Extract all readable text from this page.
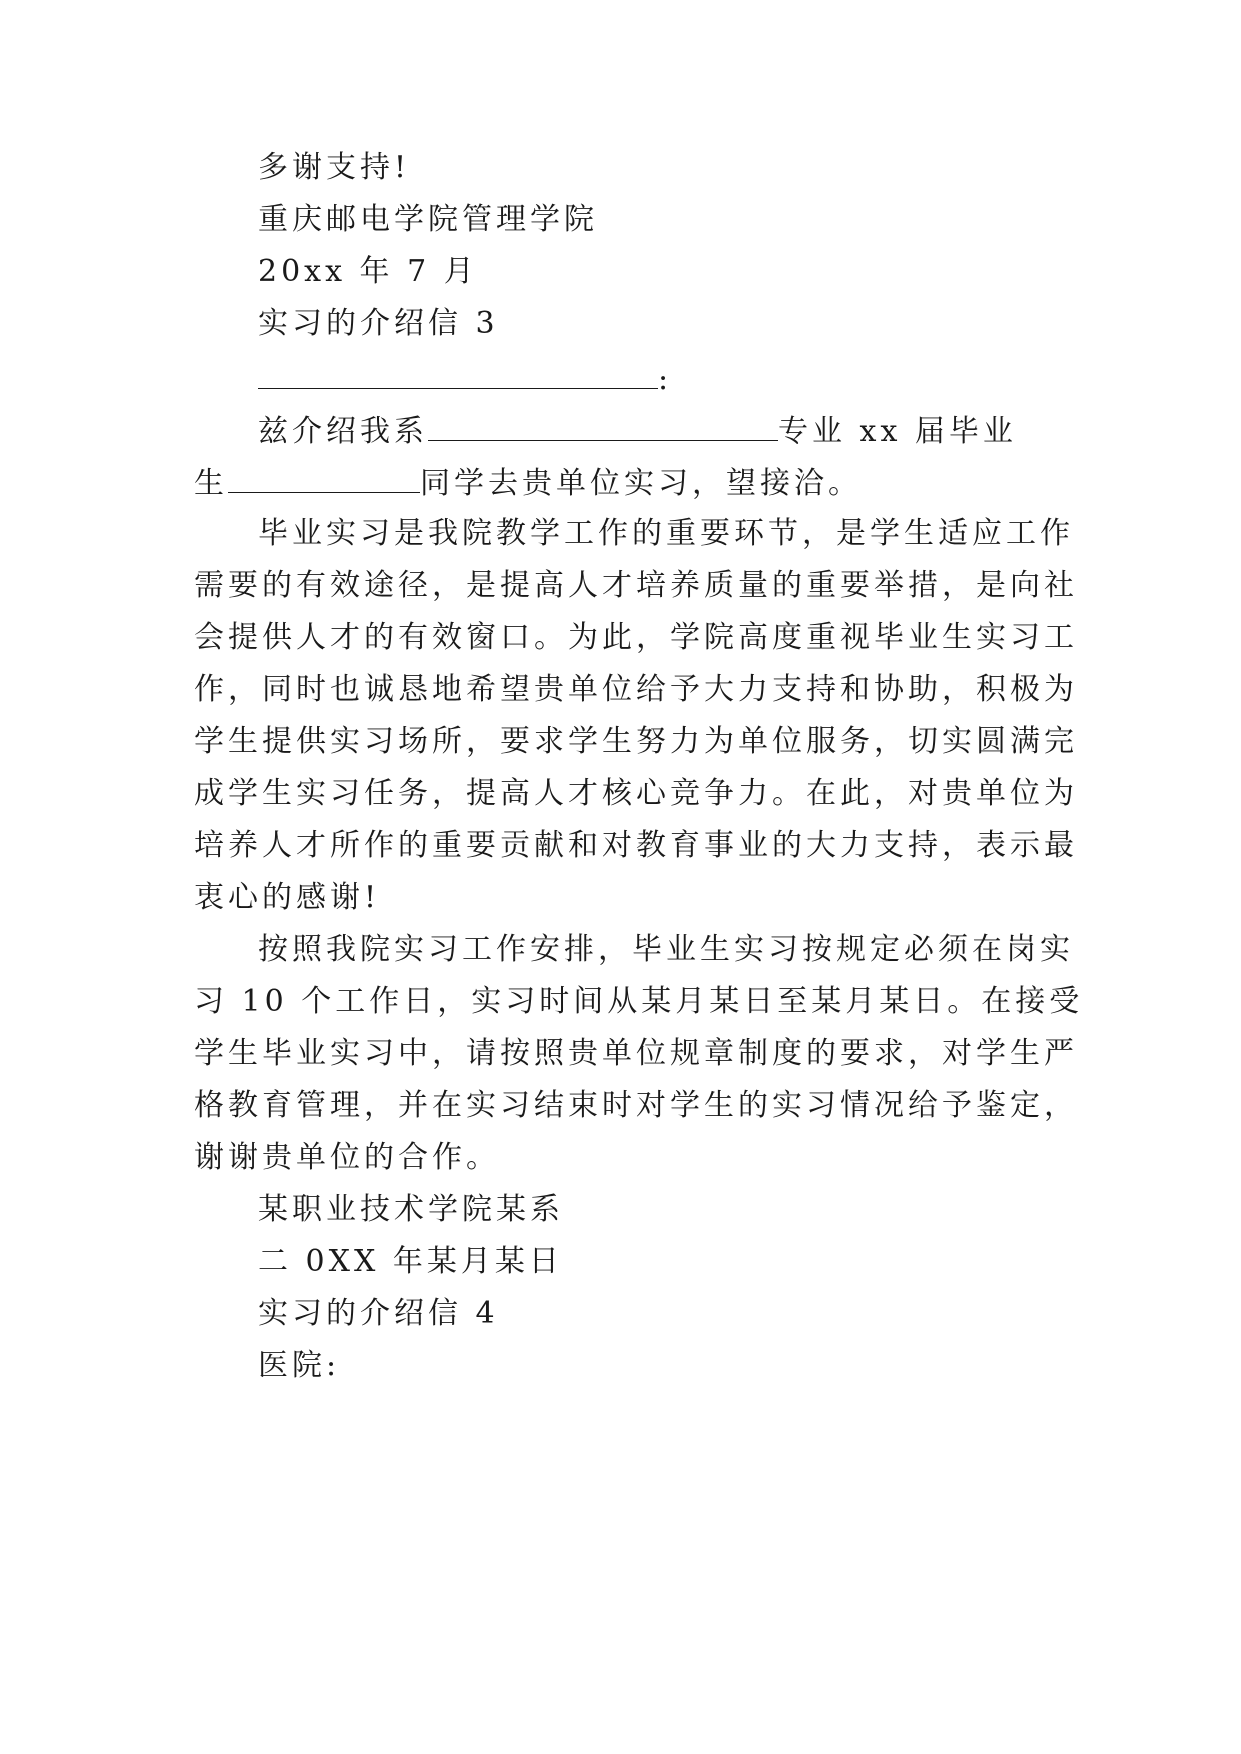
多谢支持!
重庆邮电学院管理学院
20xx 年 7 月
实习的介绍信 3
:
兹介绍我系	专业 xx 届毕业
生	同学去贵单位实习，望接洽。
毕业实习是我院教学工作的重要环节，是学生适应工作
需要的有效途径，是提高人才培养质量的重要举措，是向社
会提供人才的有效窗口。为此，学院高度重视毕业生实习工
作，同时也诚恳地希望贵单位给予大力支持和协助，积极为
学生提供实习场所，要求学生努力为单位服务，切实圆满完
成学生实习任务，提高人才核心竞争力。在此，对贵单位为
培养人才所作的重要贡献和对教育事业的大力支持，表示最
衷心的感谢!
按照我院实习工作安排，毕业生实习按规定必须在岗实
习 10 个工作日，实习时间从某月某日至某月某日。在接受
学生毕业实习中，请按照贵单位规章制度的要求，对学生严
格教育管理，并在实习结束时对学生的实习情况给予鉴定，
谢谢贵单位的合作。
某职业技术学院某系
二 0XX 年某月某日
实习的介绍信 4
医院:
